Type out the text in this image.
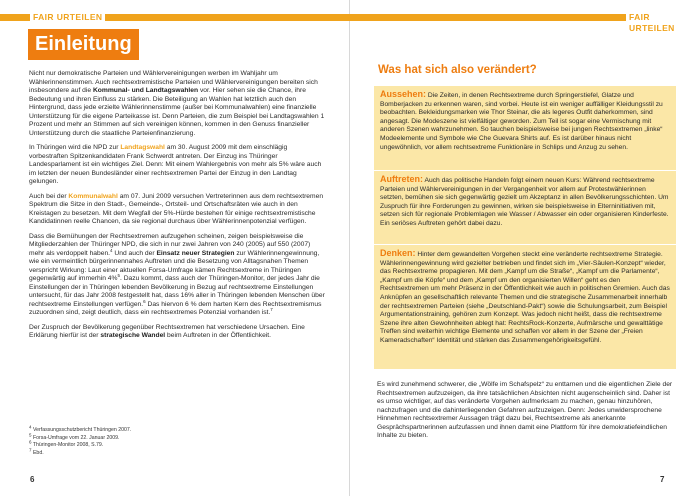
FAIR URTEILEN	FAIR URTEILEN
Einleitung

Nicht nur demokratische Parteien und Wählervereinigungen werben im Wahljahr um Wählerinnenstimmen. Auch rechtsextremistische Parteien und Wählervereinigungen bereiten sich insbesondere auf die Kommunal- und Landtagswahlen vor. Hier sehen sie die Chance, ihre Bedeutung und ihren Einfluss zu stärken. Die Beteiligung an Wahlen hat letztlich auch den Hintergrund, dass jede erzielte Wählerinnenstimme (außer bei Kommunalwahlen) eine finanzielle Unterstützung für die eigene Parteikasse ist. Denn Parteien, die zum Beispiel bei Landtagswahlen 1 Prozent und mehr an Stimmen auf sich vereinigen können, kommen in den Genuss finanzieller Unterstützung durch die staatliche Parteienfinanzierung.

In Thüringen wird die NPD zur Landtagswahl am 30. August 2009 mit dem einschlägig vorbestraften Spitzenkandidaten Frank Schwerdt antreten. Der Einzug ins Thüringer Landesparlament ist ein wichtiges Ziel. Denn: Mit einem Wahlergebnis von mehr als 5% wäre auch im letzten der neuen Bundesländer einer rechtsextremen Partei der Einzug in den Landtag gelungen.

Auch bei der Kommunalwahl am 07. Juni 2009 versuchen Vertreterinnen aus dem rechtsextremen Spektrum die Sitze in den Stadt-, Gemeinde-, Ortsteil- und Ortschaftsräten wie auch in den Kreistagen zu besetzen. Mit dem Wegfall der 5%-Hürde bestehen für einige rechtsextremistische Kandidatinnen reelle Chancen, da sie regional durchaus über Wählerinnenpotenzial verfügen.

Dass die Bemühungen der Rechtsextremen aufzugehen scheinen, zeigen beispielsweise die Mitgliederzahlen der Thüringer NPD, die sich in nur zwei Jahren von 240 (2005) auf 550 (2007) mehr als verdoppelt haben.$^4$ Und auch der Einsatz neuer Strategien zur Wählerinnengewinnung, wie ein vermeintlich bürgerinnennahes Auftreten und die Besetzung von Alltagsnahen Themen verspricht Wirkung: Laut einer aktuellen Forsa-Umfrage kämen Rechtsextreme in Thüringen gegenwärtig auf immerhin 4%$^5$. Dazu kommt, dass auch der Thüringen-Monitor, der jedes Jahr die Einstellungen der in Thüringen lebenden Bevölkerung in Bezug auf rechtsextreme Einstellungen untersucht, für das Jahr 2008 festgestellt hat, dass 16% aller in Thüringen lebenden Menschen über rechtsextreme Einstellungen verfügen.$^6$ Das hiervon 6 % dem harten Kern des Rechtsextremismus zuzuordnen sind, zeigt deutlich, dass ein rechtsextremes Potenzial vorhanden ist.$^7$

Der Zuspruch der Bevölkerung gegenüber Rechtsextremen hat verschiedene Ursachen. Eine Erklärung hierfür ist der strategische Wandel beim Auftreten in der Öffentlichkeit.

$^4$ Verfassungsschutzbericht Thüringen 2007.
$^5$ Forsa-Umfrage vom 22. Januar 2009.
$^6$ Thüringen-Monitor 2008, S.79.
$^7$ Ebd.
6
Was hat sich also verändert?
Aussehen: Die Zeiten, in denen Rechtsextreme durch Springerstiefel, Glatze und Bomberjacken zu erkennen waren, sind vorbei. Heute ist ein weniger auffälliger Kleidungsstil zu beobachten. Bekleidungsmarken wie Thor Steinar, die als legeres Outfit daherkommen, sind angesagt. Die Modeszene ist vielfältiger geworden. Zum Teil ist sogar eine Vermischung mit anderen Szenen wahrzunehmen. So tauchen beispielsweise bei jungen Rechtsextremen „linke“ Modeelemente und Symbole wie Che Guevara Shirts auf. Es ist darüber hinaus nicht ungewöhnlich, vor allem rechtsextreme Funktionäre in Schlips und Anzug zu sehen.
Auftreten: Auch das politische Handeln folgt einem neuen Kurs: Während rechtsextreme Parteien und Wählervereinigungen in der Vergangenheit vor allem auf Protestwählerinnen setzten, bemühen sie sich gegenwärtig gezielt um Akzeptanz in allen Bevölkerungsschichten. Um Zuspruch für ihre Forderungen zu gewinnen, wirken sie beispielsweise in Elterninitiativen mit, setzen sich für regionale Problemlagen wie Wasser / Abwasser ein oder organisieren Kinderfeste. Ein seriöses Auftreten gehört dabei dazu.
Denken: Hinter dem gewandelten Vorgehen steckt eine veränderte rechtsextreme Strategie. Wählerinnengewinnung wird gezielter betrieben und findet sich im „Vier-Säulen-Konzept“ wieder, das Rechtsextreme propagieren. Mit dem „Kampf um die Straße“, „Kampf um die Parlamente“, „Kampf um die Köpfe“ und dem „Kampf um den organisierten Willen“ geht es den Rechtsextremen um mehr Präsenz in der Öffentlichkeit wie auch in politischen Gremien. Auch das Anknüpfen an gesellschaftlich relevante Themen und die strategische Zusammenarbeit innerhalb der rechtsextremen Parteien (siehe „Deutschland-Pakt“) sowie die Schulungsarbeit, zum Beispiel Argumentationstraining, gehören zum Konzept. Was jedoch nicht heißt, dass die rechtsextreme Szene ihre alten Gewohnheiten ablegt hat: RechtsRock-Konzerte, Aufmärsche und gewalttätige Treffen sind weiterhin wichtige Elemente und schaffen vor allem in der Szene der „Freien Kameradschaften“ Identität und stärken das Zusammengehörigkeitsgefühl.

Es wird zunehmend schwerer, die „Wölfe im Schafspelz“ zu enttarnen und die eigentlichen Ziele der Rechtsextremen aufzuzeigen, da ihre tatsächlichen Absichten nicht augenscheinlich sind. Daher ist es umso wichtiger, auf das veränderte Vorgehen aufmerksam zu machen, genau hinzuhören, nachzufragen und die dahinterliegenden Gefahren aufzuzeigen. Denn: Jedes unwidersprochene Hinnehmen rechtsextremer Aussagen trägt dazu bei, Rechtsextreme als anerkannte Gesprächspartnerinnen aufzufassen und ihnen damit eine Plattform für ihre demokratiefeindlichen Inhalte zu bieten.

7
